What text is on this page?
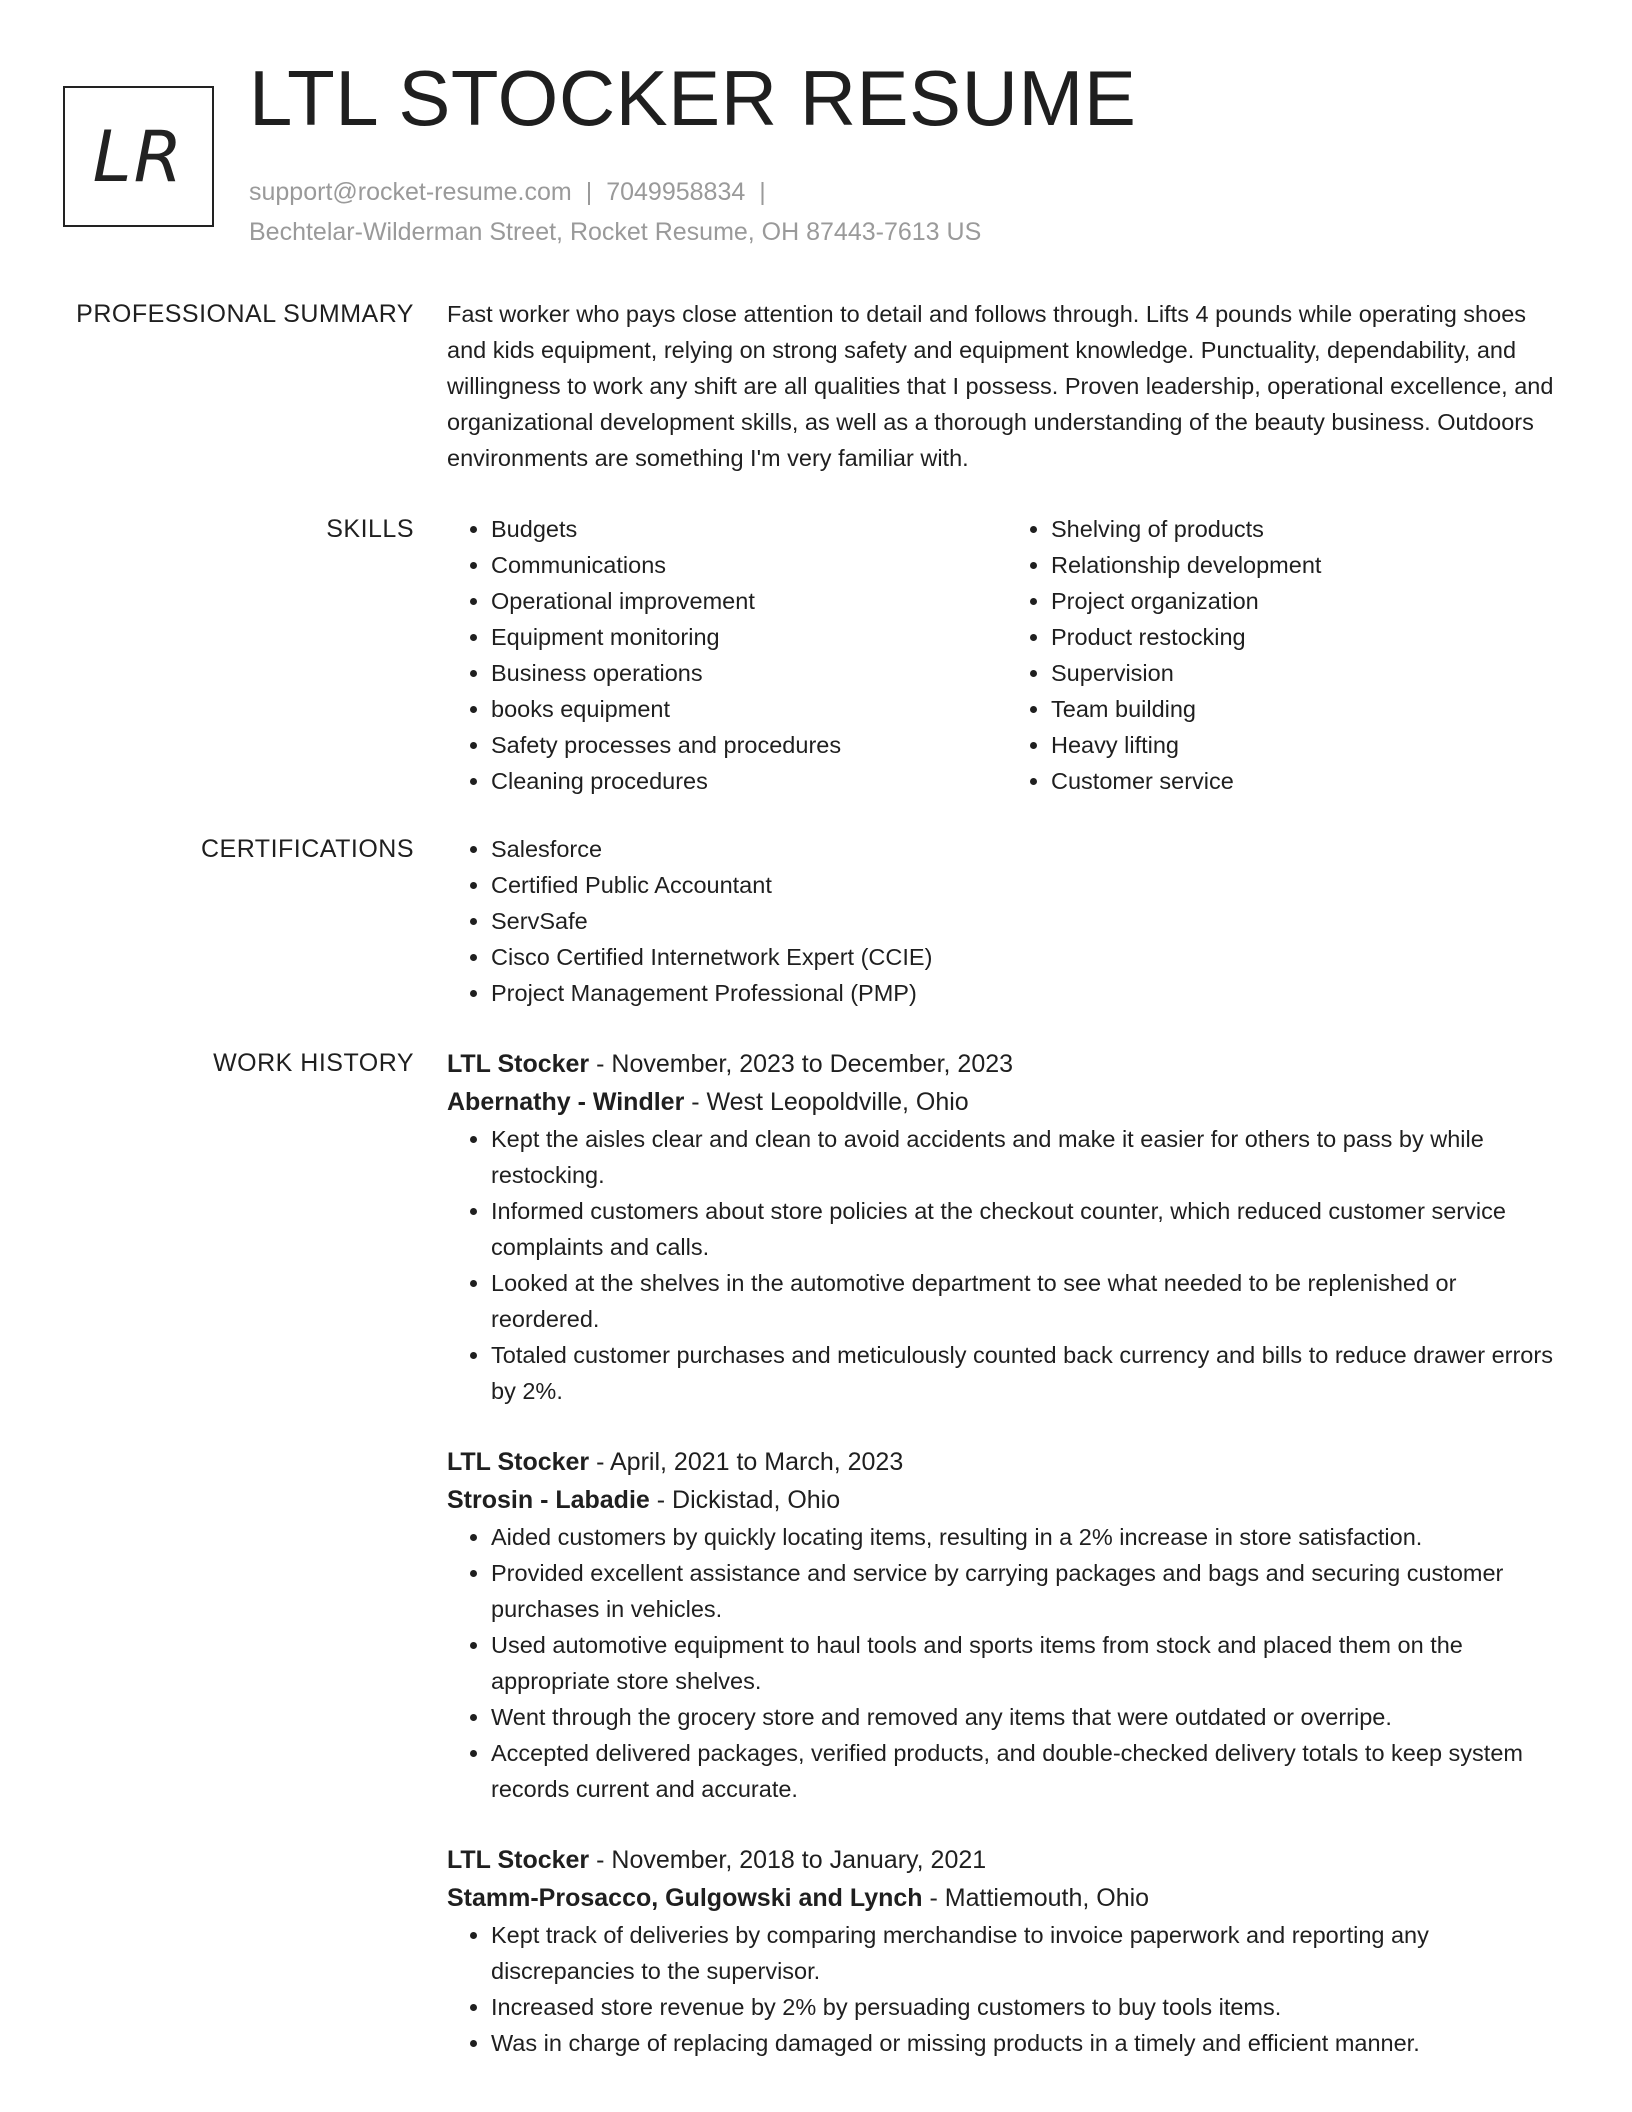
LR
LTL STOCKER RESUME
support@rocket-resume.com | 7049958834 |
Bechtelar-Wilderman Street, Rocket Resume, OH 87443-7613 US
PROFESSIONAL SUMMARY Fast worker who pays close attention to detail and follows through. Lifts 4 pounds while operating shoes and kids equipment, relying on strong safety and equipment knowledge. Punctuality, dependability, and willingness to work any shift are all qualities that I possess. Proven leadership, operational excellence, and organizational development skills, as well as a thorough understanding of the beauty business. Outdoors environments are something I'm very familiar with.

SKILLS	• Budgets
• Communications
• Operational improvement
• Equipment monitoring
• Business operations
• books equipment
• Safety processes and procedures
• Cleaning procedures
• Shelving of products
• Relationship development
• Project organization
• Product restocking
• Supervision
• Team building
• Heavy lifting
• Customer service
CERTIFICATIONS	• Salesforce
• Certified Public Accountant
• ServSafe
• Cisco Certified Internetwork Expert (CCIE)
• Project Management Professional (PMP)
WORK HISTORY LTL Stocker - November, 2023 to December, 2023
Abernathy - Windler - West Leopoldville, Ohio
• Kept the aisles clear and clean to avoid accidents and make it easier for others to pass by while restocking.
• Informed customers about store policies at the checkout counter, which reduced customer service complaints and calls.
• Looked at the shelves in the automotive department to see what needed to be replenished or reordered.
• Totaled customer purchases and meticulously counted back currency and bills to reduce drawer errors by 2%.
LTL Stocker - April, 2021 to March, 2023
Strosin - Labadie - Dickistad, Ohio
• Aided customers by quickly locating items, resulting in a 2% increase in store satisfaction.
• Provided excellent assistance and service by carrying packages and bags and securing customer purchases in vehicles.
• Used automotive equipment to haul tools and sports items from stock and placed them on the appropriate store shelves.
• Went through the grocery store and removed any items that were outdated or overripe.
• Accepted delivered packages, verified products, and double-checked delivery totals to keep system records current and accurate.
LTL Stocker - November, 2018 to January, 2021
Stamm-Prosacco, Gulgowski and Lynch - Mattiemouth, Ohio
• Kept track of deliveries by comparing merchandise to invoice paperwork and reporting any discrepancies to the supervisor.
• Increased store revenue by 2% by persuading customers to buy tools items.
• Was in charge of replacing damaged or missing products in a timely and efficient manner.
